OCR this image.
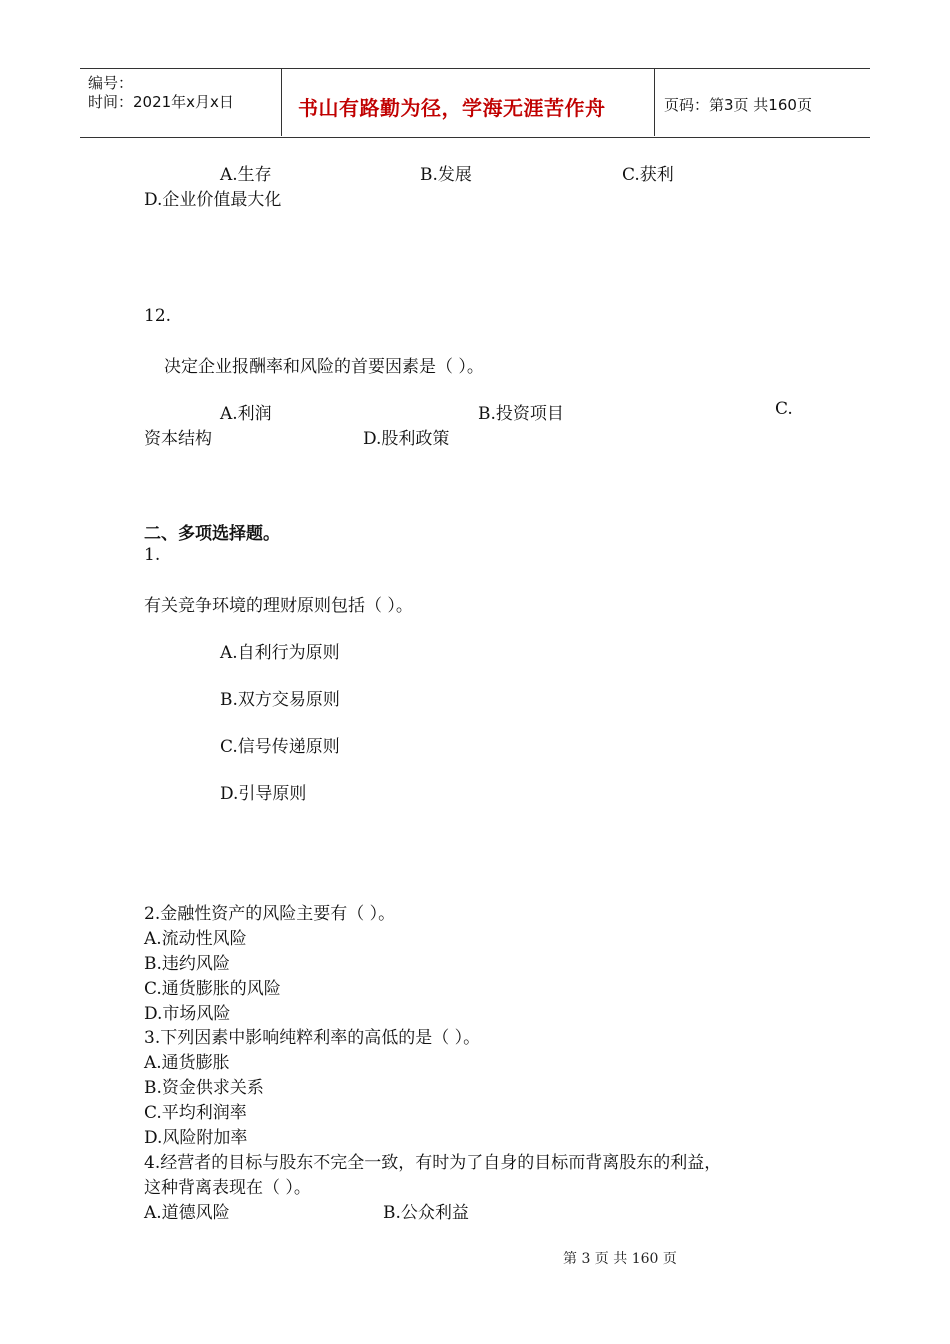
编号：
时间：2021年x月x日	书山有路勤为径，学海无涯苦作舟	页码：第3页 共160页
A.生存	B.发展	C.获利
D.企业价值最大化
12.
决定企业报酬率和风险的首要因素是（ ）。
A.利润	B.投资项目	C.
资本结构	D.股利政策
二、多项选择题。
1.
有关竞争环境的理财原则包括（ ）。
A.自利行为原则
B.双方交易原则
C.信号传递原则
D.引导原则
2.金融性资产的风险主要有（ ）。
A.流动性风险
B.违约风险
C.通货膨胀的风险
D.市场风险
3.下列因素中影响纯粹利率的高低的是（ ）。
A.通货膨胀
B.资金供求关系
C.平均利润率
D.风险附加率
4.经营者的目标与股东不完全一致，有时为了自身的目标而背离股东的利益，
这种背离表现在（ ）。
A.道德风险	B.公众利益
第 3 页 共 160 页
